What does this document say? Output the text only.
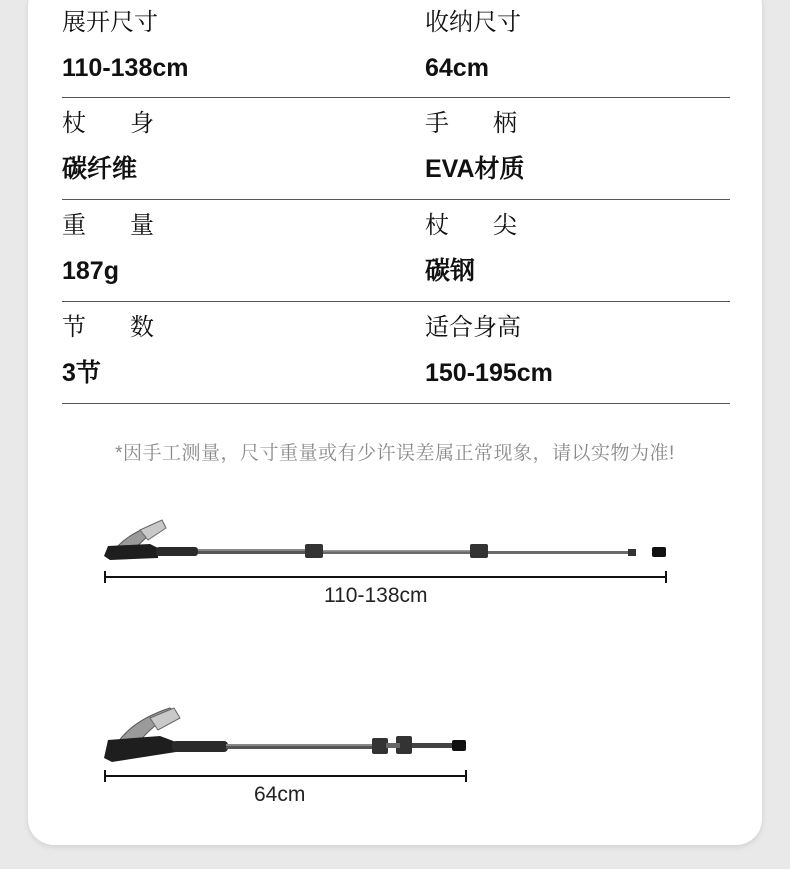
展开尺寸
110-138cm
收纳尺寸
64cm
杖身
碳纤维
手柄
EVA材质
重量
187g
杖尖
碳钢
节数
3节
适合身高
150-195cm
*因手工测量，尺寸重量或有少许误差属正常现象，请以实物为准!
110-138cm
64cm
